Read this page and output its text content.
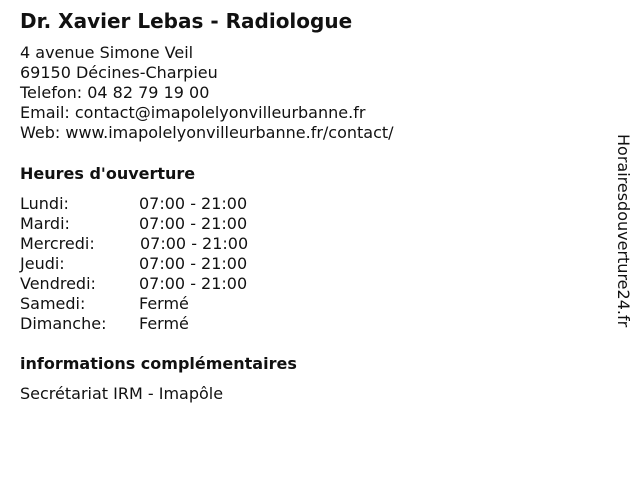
Dr. Xavier Lebas - Radiologue
4 avenue Simone Veil
69150 Décines-Charpieu
Telefon: 04 82 79 19 00
Email: contact@imapolelyonvilleurbanne.fr
Web: www.imapolelyonvilleurbanne.fr/contact/
Heures d'ouverture
Lundi:	07:00 - 21:00
Mardi:	07:00 - 21:00
Mercredi:	07:00 - 21:00
Jeudi:	07:00 - 21:00
Vendredi:	07:00 - 21:00
Samedi:	Fermé
Dimanche: Fermé
informations complémentaires
Secrétariat IRM - Imapôle
Horairesdouverture24.fr
